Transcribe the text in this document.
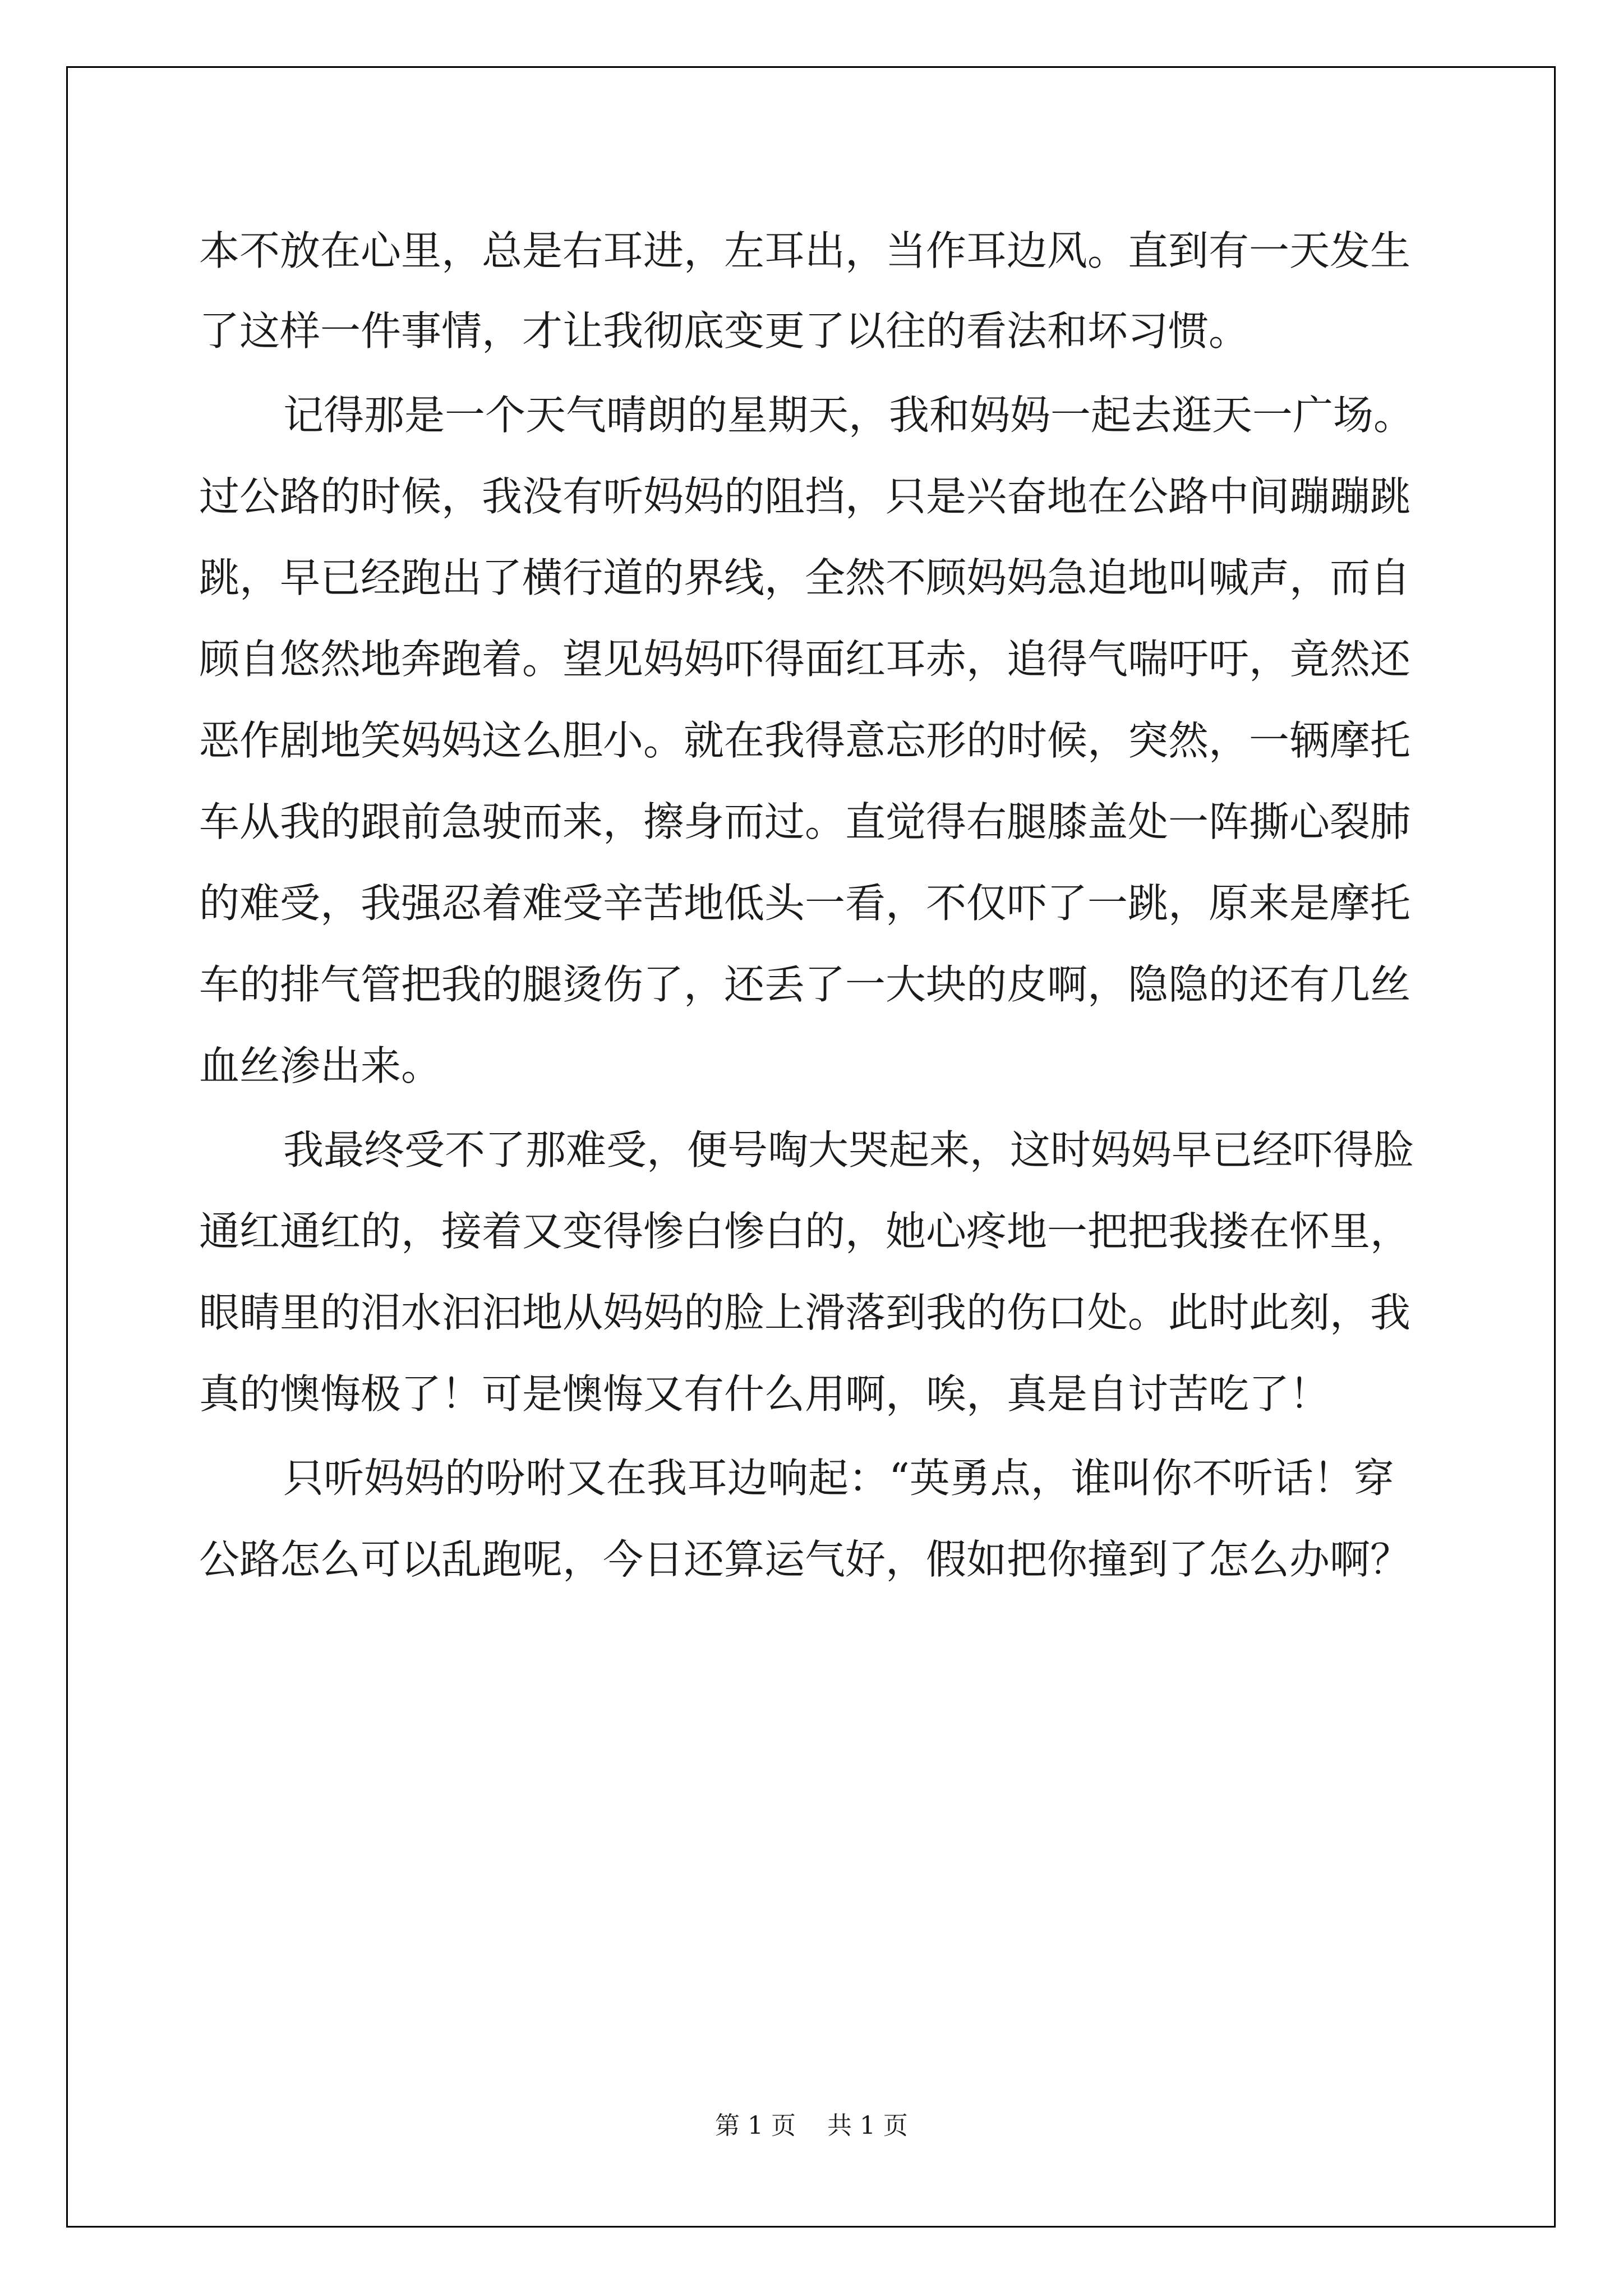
本不放在心里，总是右耳进，左耳出，当作耳边风。直到有一天发生
了这样一件事情，才让我彻底变更了以往的看法和坏习惯。
记得那是一个天气晴朗的星期天，我和妈妈一起去逛天一广场。
过公路的时候，我没有听妈妈的阻挡，只是兴奋地在公路中间蹦蹦跳
跳，早已经跑出了横行道的界线，全然不顾妈妈急迫地叫喊声，而自
顾自悠然地奔跑着。望见妈妈吓得面红耳赤，追得气喘吁吁，竟然还
恶作剧地笑妈妈这么胆小。就在我得意忘形的时候，突然，一辆摩托
车从我的跟前急驶而来，擦身而过。直觉得右腿膝盖处一阵撕心裂肺
的难受，我强忍着难受辛苦地低头一看，不仅吓了一跳，原来是摩托
车的排气管把我的腿烫伤了，还丢了一大块的皮啊，隐隐的还有几丝
血丝渗出来。
我最终受不了那难受，便号啕大哭起来，这时妈妈早已经吓得脸
通红通红的，接着又变得惨白惨白的，她心疼地一把把我搂在怀里，
眼睛里的泪水汩汩地从妈妈的脸上滑落到我的伤口处。此时此刻，我
真的懊悔极了！可是懊悔又有什么用啊，唉，真是自讨苦吃了！
只听妈妈的吩咐又在我耳边响起：“英勇点，谁叫你不听话！穿
公路怎么可以乱跑呢，今日还算运气好，假如把你撞到了怎么办啊？
第 1 页    共 1 页
